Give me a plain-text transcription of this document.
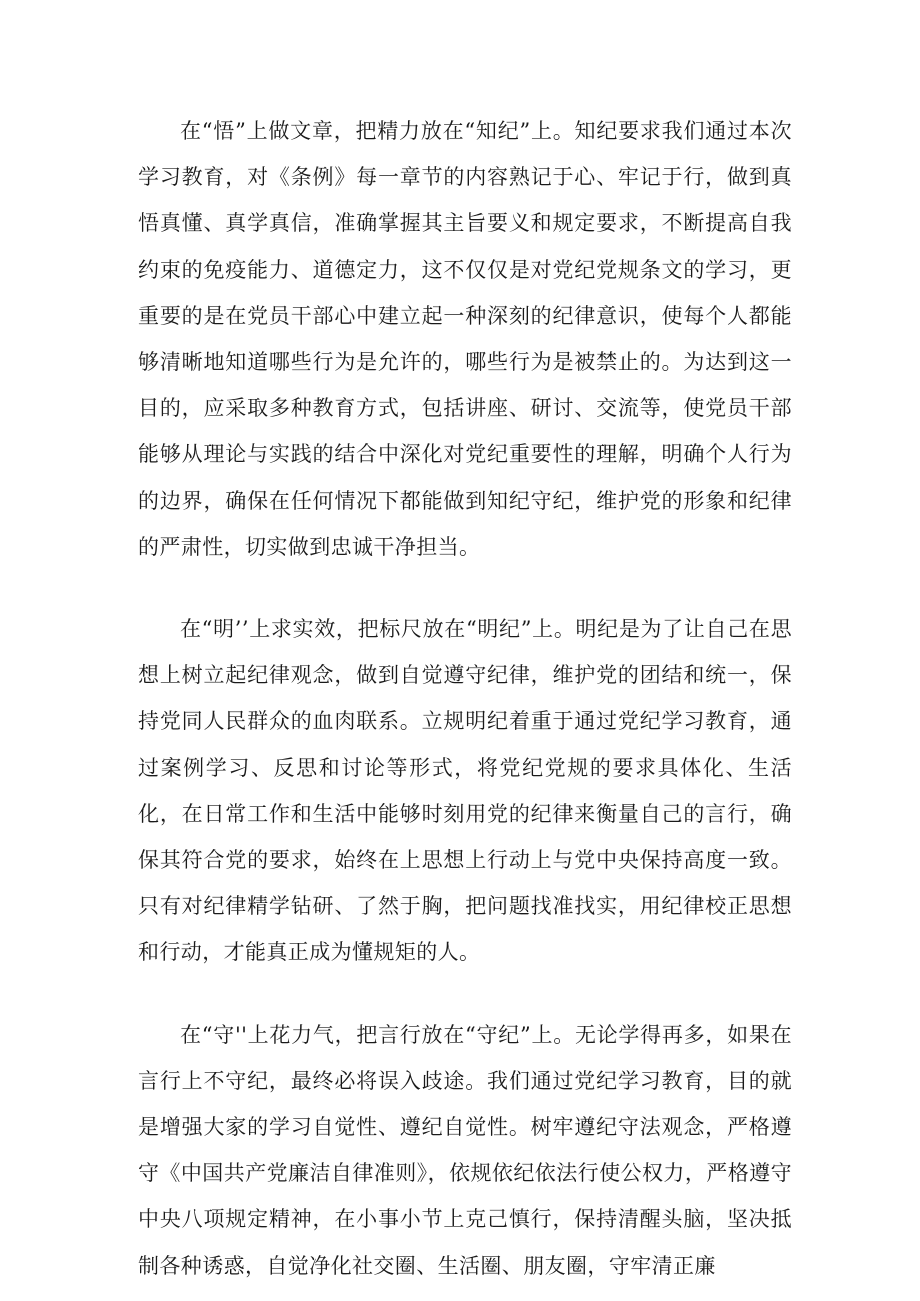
在“悟”上做文章，把精力放在“知纪”上。知纪要求我们通过本次学习教育，对《条例》每一章节的内容熟记于心、牢记于行，做到真悟真懂、真学真信，准确掌握其主旨要义和规定要求，不断提高自我约束的免疫能力、道德定力，这不仅仅是对党纪党规条文的学习，更重要的是在党员干部心中建立起一种深刻的纪律意识，使每个人都能够清晰地知道哪些行为是允许的，哪些行为是被禁止的。为达到这一目的，应采取多种教育方式，包括讲座、研讨、交流等，使党员干部能够从理论与实践的结合中深化对党纪重要性的理解，明确个人行为的边界，确保在任何情况下都能做到知纪守纪，维护党的形象和纪律的严肃性，切实做到忠诚干净担当。

在“明’’上求实效，把标尺放在“明纪”上。明纪是为了让自己在思想上树立起纪律观念，做到自觉遵守纪律，维护党的团结和统一，保持党同人民群众的血肉联系。立规明纪着重于通过党纪学习教育，通过案例学习、反思和讨论等形式，将党纪党规的要求具体化、生活化，在日常工作和生活中能够时刻用党的纪律来衡量自己的言行，确保其符合党的要求，始终在上思想上行动上与党中央保持高度一致。只有对纪律精学钻研、了然于胸，把问题找准找实，用纪律校正思想和行动，才能真正成为懂规矩的人。

在“守''上花力气，把言行放在“守纪”上。无论学得再多，如果在言行上不守纪，最终必将误入歧途。我们通过党纪学习教育，目的就是增强大家的学习自觉性、遵纪自觉性。树牢遵纪守法观念，严格遵守《中国共产党廉洁自律准则》，依规依纪依法行使公权力，严格遵守中央八项规定精神，在小事小节上克己慎行，保持清醒头脑，坚决抵制各种诱惑，自觉净化社交圈、生活圈、朋友圈，守牢清正廉
